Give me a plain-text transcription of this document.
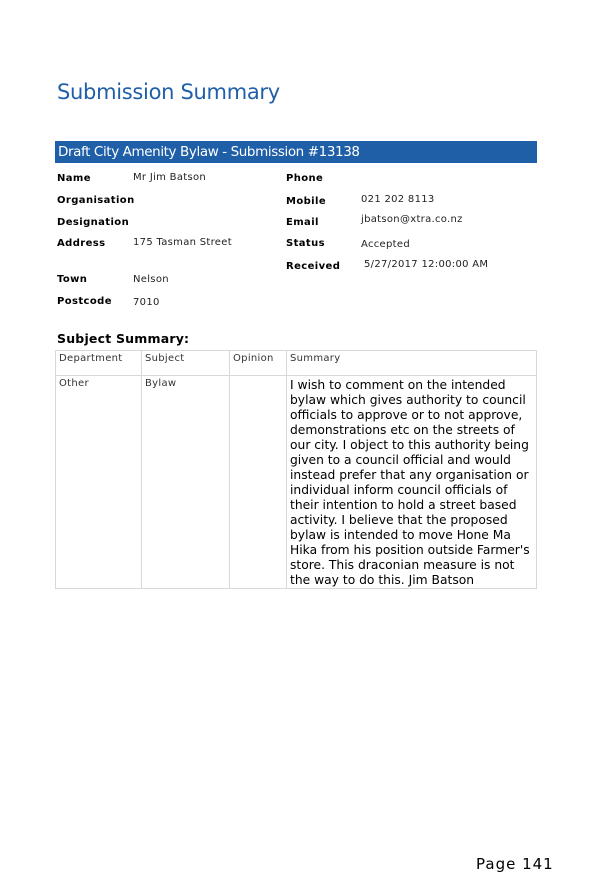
Submission Summary
Draft City Amenity Bylaw - Submission #13138
Name	Mr Jim Batson
Organisation
Designation
Address	175 Tasman Street
Town	Nelson
Postcode 7010
Phone
Mobile	021 202 8113
Email	jbatson@xtra.co.nz
Status	Accepted
Received 5/27/2017 12:00:00 AM
Subject Summary:
Department	Subject	Opinion	Summary
Other	Bylaw		I wish to comment on the intended bylaw which gives authority to council officials to approve or to not approve, demonstrations etc on the streets of our city. I object to this authority being given to a council official and would instead prefer that any organisation or individual inform council officials of their intention to hold a street based activity. I believe that the proposed bylaw is intended to move Hone Ma Hika from his position outside Farmer's store. This draconian measure is not the way to do this. Jim Batson
Page 141
